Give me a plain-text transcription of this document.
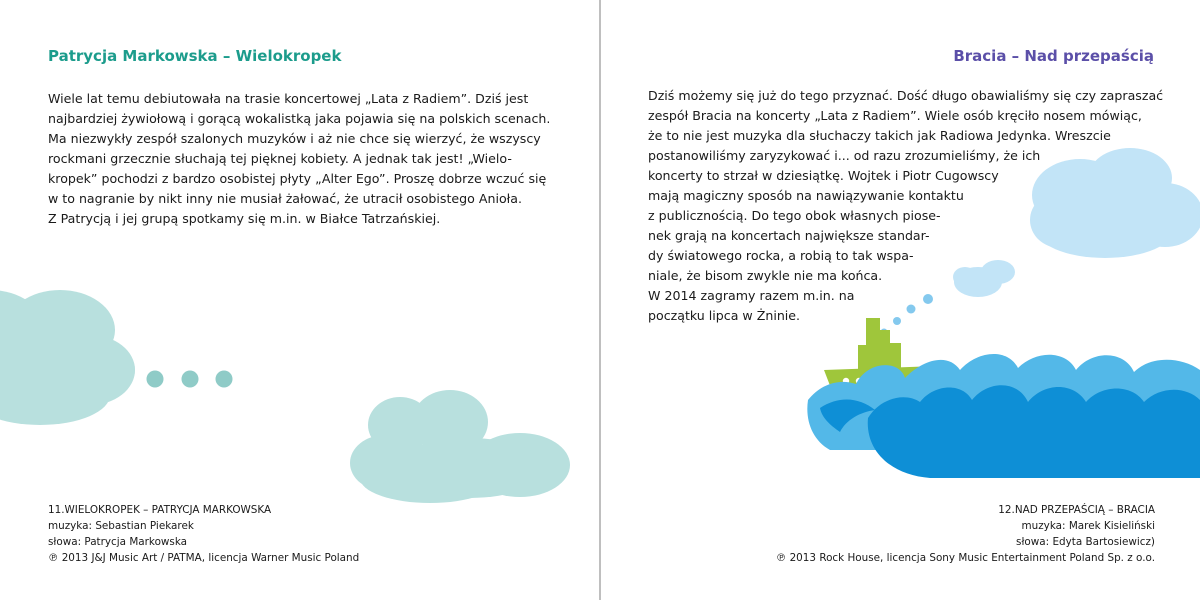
Patrycja Markowska – Wielokropek

Wiele lat temu debiutowała na trasie koncertowej „Lata z Radiem”. Dziś jest
najbardziej żywiołową i gorącą wokalistką jaka pojawia się na polskich scenach.
Ma niezwykły zespół szalonych muzyków i aż nie chce się wierzyć, że wszyscy
rockmani grzecznie słuchają tej pięknej kobiety. A jednak tak jest! „Wielo-
kropek” pochodzi z bardzo osobistej płyty „Alter Ego”. Proszę dobrze wczuć się
w to nagranie by nikt inny nie musiał żałować, że utracił osobistego Anioła.
Z Patrycją i jej grupą spotkamy się m.in. w Białce Tatrzańskiej.

11.WIELOKROPEK – PATRYCJA MARKOWSKA
muzyka: Sebastian Piekarek
słowa: Patrycja Markowska
℗ 2013 J&J Music Art / PATMA, licencja Warner Music Poland

Bracia – Nad przepaścią

Dziś możemy się już do tego przyznać. Dość długo obawialiśmy się czy zapraszać
zespół Bracia na koncerty „Lata z Radiem”. Wiele osób kręciło nosem mówiąc,
że to nie jest muzyka dla słuchaczy takich jak Radiowa Jedynka. Wreszcie
postanowiliśmy zaryzykować i... od razu zrozumieliśmy, że ich
koncerty to strzał w dziesiątkę. Wojtek i Piotr Cugowscy
mają magiczny sposób na nawiązywanie kontaktu
z publicznością. Do tego obok własnych piose-
nek grają na koncertach największe standar-
dy światowego rocka, a robią to tak wspa-
niale, że bisom zwykle nie ma końca.
W 2014 zagramy razem m.in. na
początku lipca w Żninie.

12.NAD PRZEPAŚCIĄ – BRACIA
muzyka: Marek Kisieliński
słowa: Edyta Bartosiewicz)
℗ 2013 Rock House, licencja Sony Music Entertainment Poland Sp. z o.o.
